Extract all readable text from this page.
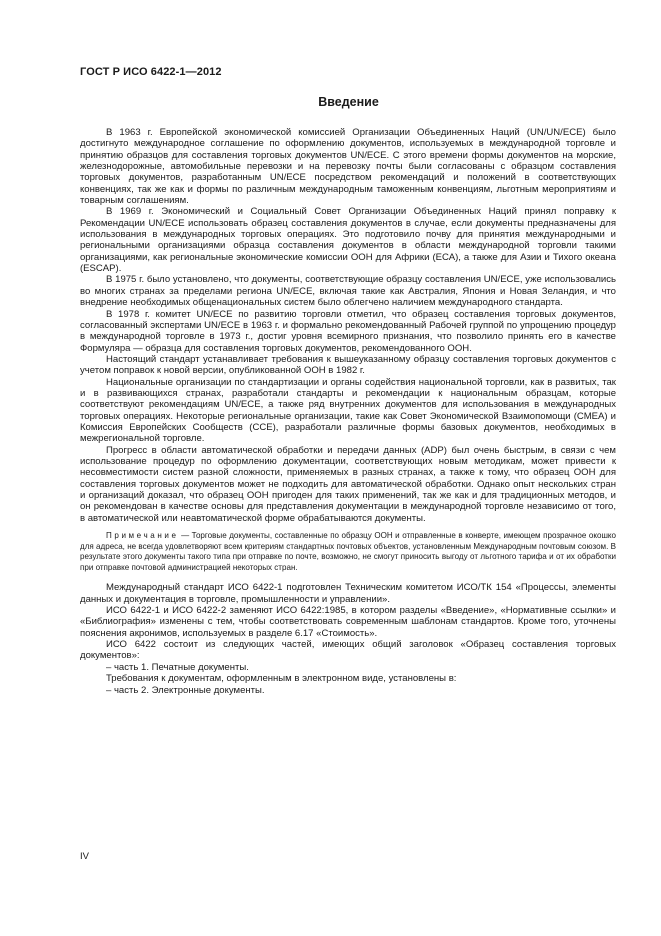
ГОСТ Р ИСО 6422-1—2012
Введение

В 1963 г. Европейской экономической комиссией Организации Объединенных Наций (UN/UN/ECE) было достигнуто международное соглашение по оформлению документов, используемых в международной торговле и принятию образцов для составления торговых документов UN/ECE. С этого времени формы документов на морские, железнодорожные, автомобильные перевозки и на перевозку почты были согласованы с образцом составления торговых документов, разработанным UN/ECE посредством рекомендаций и положений в соответствующих конвенциях, так же как и формы по различным международным таможенным конвенциям, льготным мероприятиям и товарным соглашениям.

В 1969 г. Экономический и Социальный Совет Организации Объединенных Наций принял поправку к Рекомендации UN/ECE использовать образец составления документов в случае, если документы предназначены для использования в международных торговых операциях. Это подготовило почву для принятия международными и региональными организациями образца составления документов в области международной торговли такими организациями, как региональные экономические комиссии ООН для Африки (ЕСА), а также для Азии и Тихого океана (ESCAP).

В 1975 г. было установлено, что документы, соответствующие образцу составления UN/ECE, уже использовались во многих странах за пределами региона UN/ECE, включая такие как Австралия, Япония и Новая Зеландия, и что внедрение необходимых общенациональных систем было облегчено наличием международного стандарта.

В 1978 г. комитет UN/ECE по развитию торговли отметил, что образец составления торговых документов, согласованный экспертами UN/ECE в 1963 г. и формально рекомендованный Рабочей группой по упрощению процедур в международной торговле в 1973 г., достиг уровня всемирного признания, что позволило принять его в качестве Формуляра — образца для составления торговых документов, рекомендованного ООН.

Настоящий стандарт устанавливает требования к вышеуказанному образцу составления торговых документов с учетом поправок к новой версии, опубликованной ООН в 1982 г.

Национальные организации по стандартизации и органы содействия национальной торговли, как в развитых, так и в развивающихся странах, разработали стандарты и рекомендации к национальным образцам, которые соответствуют рекомендациям UN/ECE, а также ряд внутренних документов для использования в международных торговых операциях. Некоторые региональные организации, такие как Совет Экономической Взаимопомощи (СМЕА) и Комиссия Европейских Сообществ (CCE), разработали различные формы базовых документов, необходимых в межрегиональной торговле.

Прогресс в области автоматической обработки и передачи данных (ADP) был очень быстрым, в связи с чем использование процедур по оформлению документации, соответствующих новым методикам, может привести к несовместимости систем разной сложности, применяемых в разных странах, а также к тому, что образец ООН для составления торговых документов может не подходить для автоматической обработки. Однако опыт нескольких стран и организаций доказал, что образец ООН пригоден для таких применений, так же как и для традиционных методов, и он рекомендован в качестве основы для представления документации в международной торговле независимо от того, в автоматической или неавтоматической форме обрабатываются документы.

Примечание — Торговые документы, составленные по образцу ООН и отправленные в конверте, имеющем прозрачное окошко для адреса, не всегда удовлетворяют всем критериям стандартных почтовых объектов, установленным Международным почтовым союзом. В результате этого документы такого типа при отправке по почте, возможно, не смогут приносить выгоду от льготного тарифа и от их обработки при отправке почтовой администрацией некоторых стран.

Международный стандарт ИСО 6422-1 подготовлен Техническим комитетом ИСО/ТК 154 «Процессы, элементы данных и документация в торговле, промышленности и управлении».

ИСО 6422-1 и ИСО 6422-2 заменяют ИСО 6422:1985, в котором разделы «Введение», «Нормативные ссылки» и «Библиография» изменены с тем, чтобы соответствовать современным шаблонам стандартов. Кроме того, уточнены пояснения акронимов, используемых в разделе 6.17 «Стоимость».

ИСО 6422 состоит из следующих частей, имеющих общий заголовок «Образец составления торговых документов»:

– часть 1. Печатные документы.

Требования к документам, оформленным в электронном виде, установлены в:

– часть 2. Электронные документы.

IV
